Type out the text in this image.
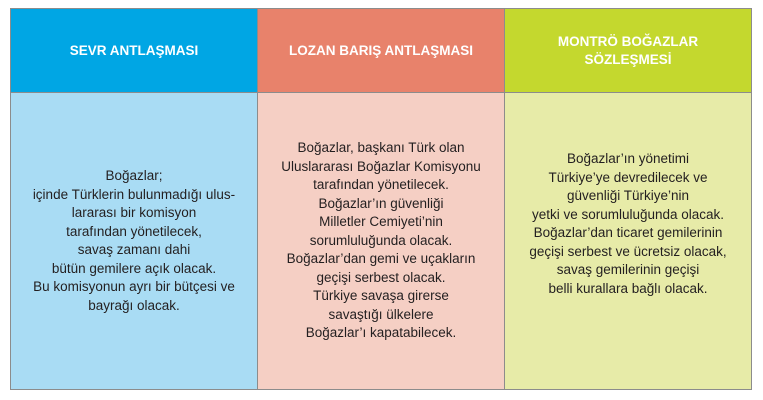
SEVR ANTLAŞMASI	LOZAN BARIŞ ANTLAŞMASI
MONTRÖ BOĞAZLAR
SÖZLEŞMESİ
Boğazlar;
içinde Türklerin bulunmadığı ulus-
lararası bir komisyon
tarafından yönetilecek,
savaş zamanı dahi
bütün gemilere açık olacak.
Bu komisyonun ayrı bir bütçesi ve
bayrağı olacak.
Boğazlar, başkanı Türk olan
Uluslararası Boğazlar Komisyonu
tarafından yönetilecek.
Boğazlar’ın güvenliği
Milletler Cemiyeti’nin
sorumluluğunda olacak.
Boğazlar’dan gemi ve uçakların
geçişi serbest olacak.
Türkiye savaşa girerse
savaştığı ülkelere
Boğazlar’ı kapatabilecek.
Boğazlar’ın yönetimi
Türkiye’ye devredilecek ve
güvenliği Türkiye’nin
yetki ve sorumluluğunda olacak.
Boğazlar’dan ticaret gemilerinin
geçişi serbest ve ücretsiz olacak,
savaş gemilerinin geçişi
belli kurallara bağlı olacak.
